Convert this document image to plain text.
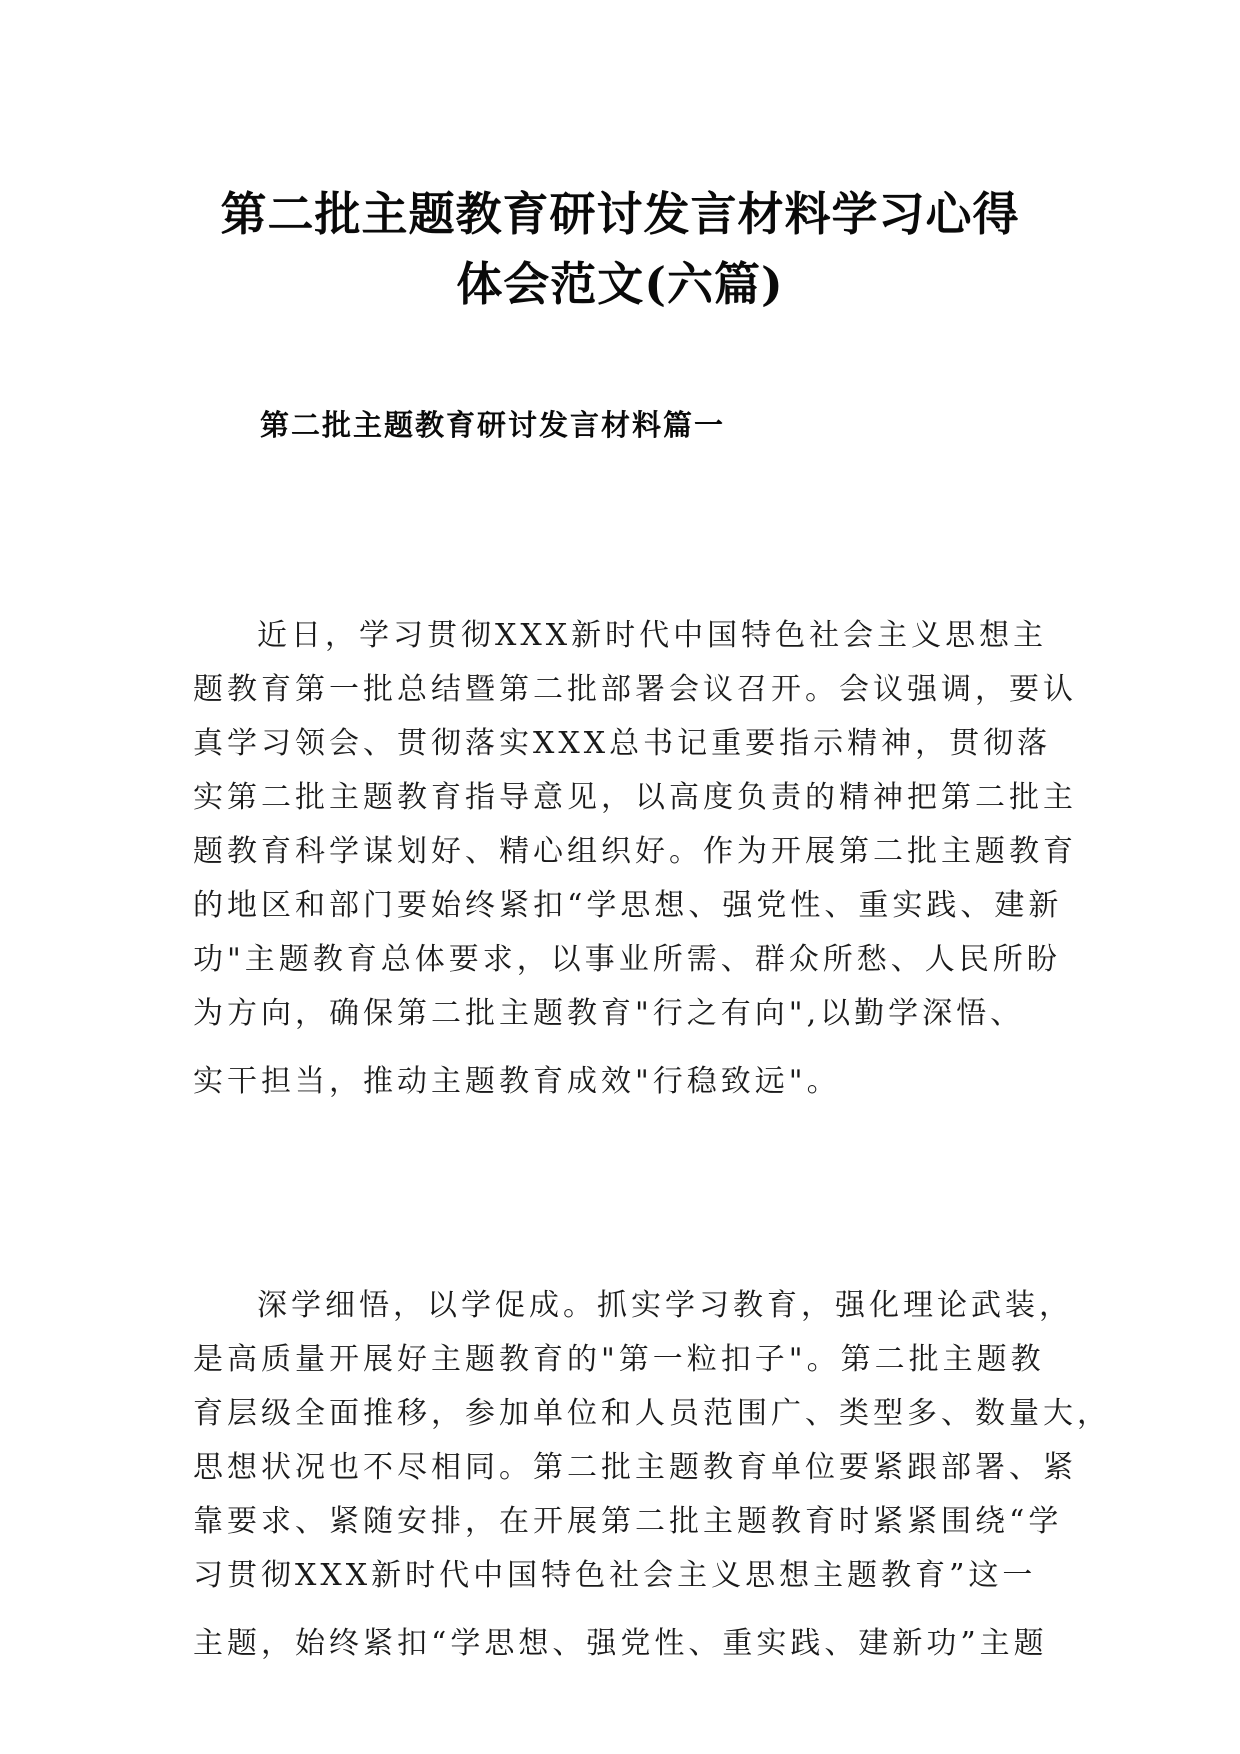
第二批主题教育研讨发言材料学习心得
体会范文(六篇)
第二批主题教育研讨发言材料篇一
近日，学习贯彻XXX新时代中国特色社会主义思想主
题教育第一批总结暨第二批部署会议召开。会议强调，要认
真学习领会、贯彻落实XXX总书记重要指示精神，贯彻落
实第二批主题教育指导意见，以高度负责的精神把第二批主
题教育科学谋划好、精心组织好。作为开展第二批主题教育
的地区和部门要始终紧扣“学思想、强党性、重实践、建新
功"主题教育总体要求，以事业所需、群众所愁、人民所盼
为方向，确保第二批主题教育"行之有向",以勤学深悟、
实干担当，推动主题教育成效"行稳致远"。
深学细悟，以学促成。抓实学习教育，强化理论武装，
是高质量开展好主题教育的"第一粒扣子"。第二批主题教
育层级全面推移，参加单位和人员范围广、类型多、数量大，
思想状况也不尽相同。第二批主题教育单位要紧跟部署、紧
靠要求、紧随安排，在开展第二批主题教育时紧紧围绕“学
习贯彻XXX新时代中国特色社会主义思想主题教育”这一
主题，始终紧扣“学思想、强党性、重实践、建新功”主题
